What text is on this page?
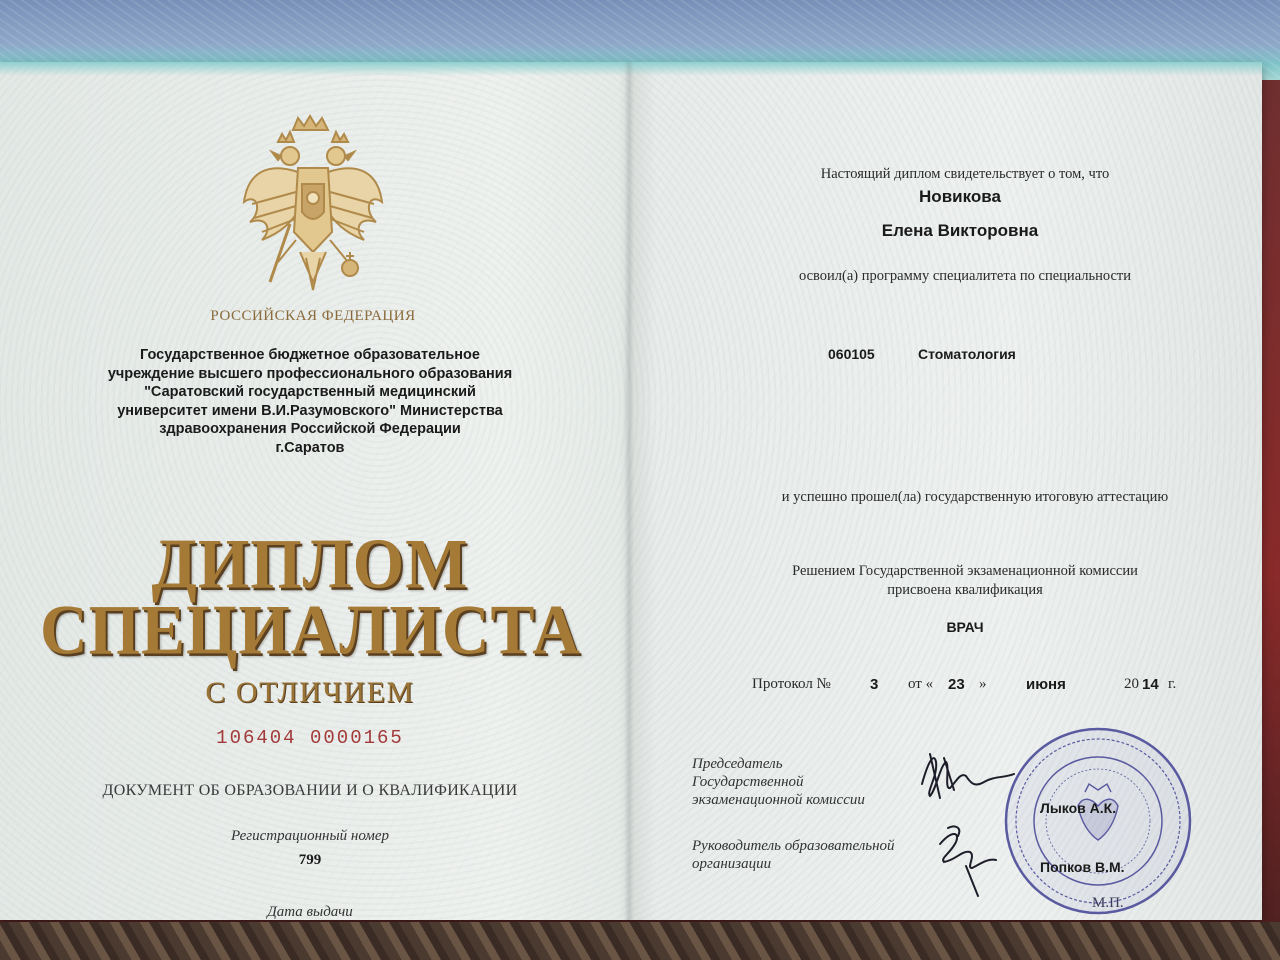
РОССИЙСКАЯ ФЕДЕРАЦИЯ
Государственное бюджетное образовательное
учреждение высшего профессионального образования
"Саратовский государственный медицинский
университет имени В.И.Разумовского" Министерства
здравоохранения Российской Федерации
г.Саратов
ДИПЛОМ
СПЕЦИАЛИСТА
С ОТЛИЧИЕМ
106404 0000165
ДОКУМЕНТ ОБ ОБРАЗОВАНИИ И О КВАЛИФИКАЦИИ
Регистрационный номер
799
Дата выдачи
Настоящий диплом свидетельствует о том, что
Новикова
Елена Викторовна
освоил(а) программу специалитета по специальности
060105	Стоматология
и успешно прошел(ла) государственную итоговую аттестацию
Решением Государственной экзаменационной комиссии
присвоена квалификация
ВРАЧ
Протокол №	3 от « 23 »	июня	20 14 г.
Председатель
Государственной
экзаменационной комиссии
Руководитель образовательной
организации
Лыков А.К.
Попков В.М.
М.П.
